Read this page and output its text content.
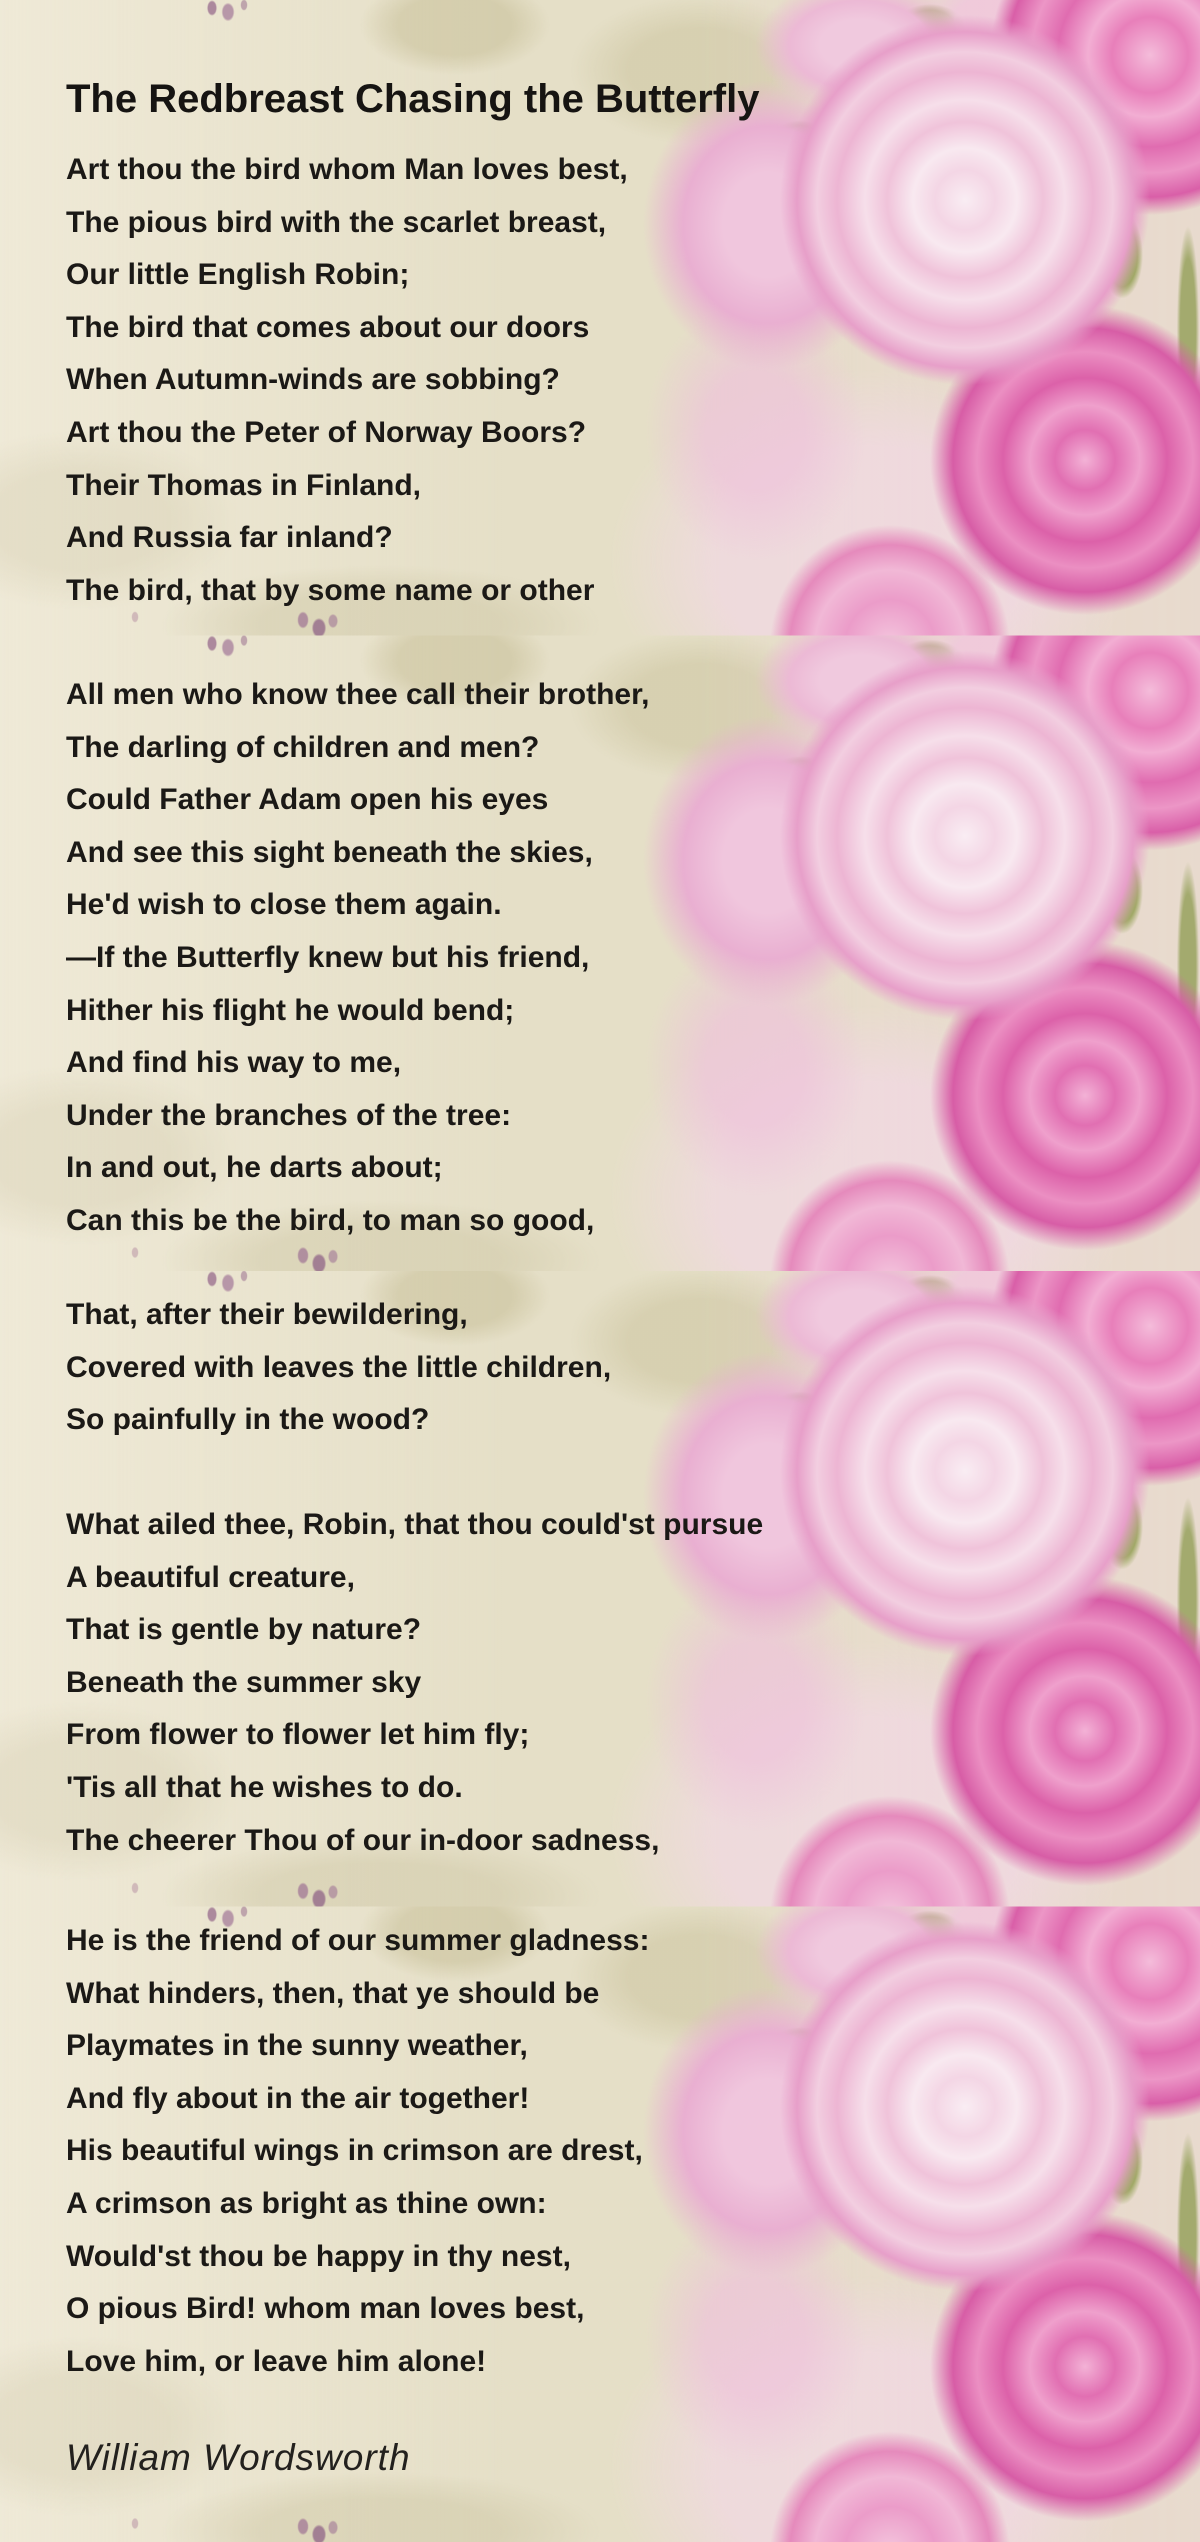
The Redbreast Chasing the Butterfly
Art thou the bird whom Man loves best,
The pious bird with the scarlet breast,
Our little English Robin;
The bird that comes about our doors
When Autumn-winds are sobbing?
Art thou the Peter of Norway Boors?
Their Thomas in Finland,
And Russia far inland?
The bird, that by some name or other
All men who know thee call their brother,
The darling of children and men?
Could Father Adam open his eyes
And see this sight beneath the skies,
He'd wish to close them again.
—If the Butterfly knew but his friend,
Hither his flight he would bend;
And find his way to me,
Under the branches of the tree:
In and out, he darts about;
Can this be the bird, to man so good,
That, after their bewildering,
Covered with leaves the little children,
So painfully in the wood?
What ailed thee, Robin, that thou could'st pursue
A beautiful creature,
That is gentle by nature?
Beneath the summer sky
From flower to flower let him fly;
'Tis all that he wishes to do.
The cheerer Thou of our in-door sadness,
He is the friend of our summer gladness:
What hinders, then, that ye should be
Playmates in the sunny weather,
And fly about in the air together!
His beautiful wings in crimson are drest,
A crimson as bright as thine own:
Would'st thou be happy in thy nest,
O pious Bird! whom man loves best,
Love him, or leave him alone!
William Wordsworth
